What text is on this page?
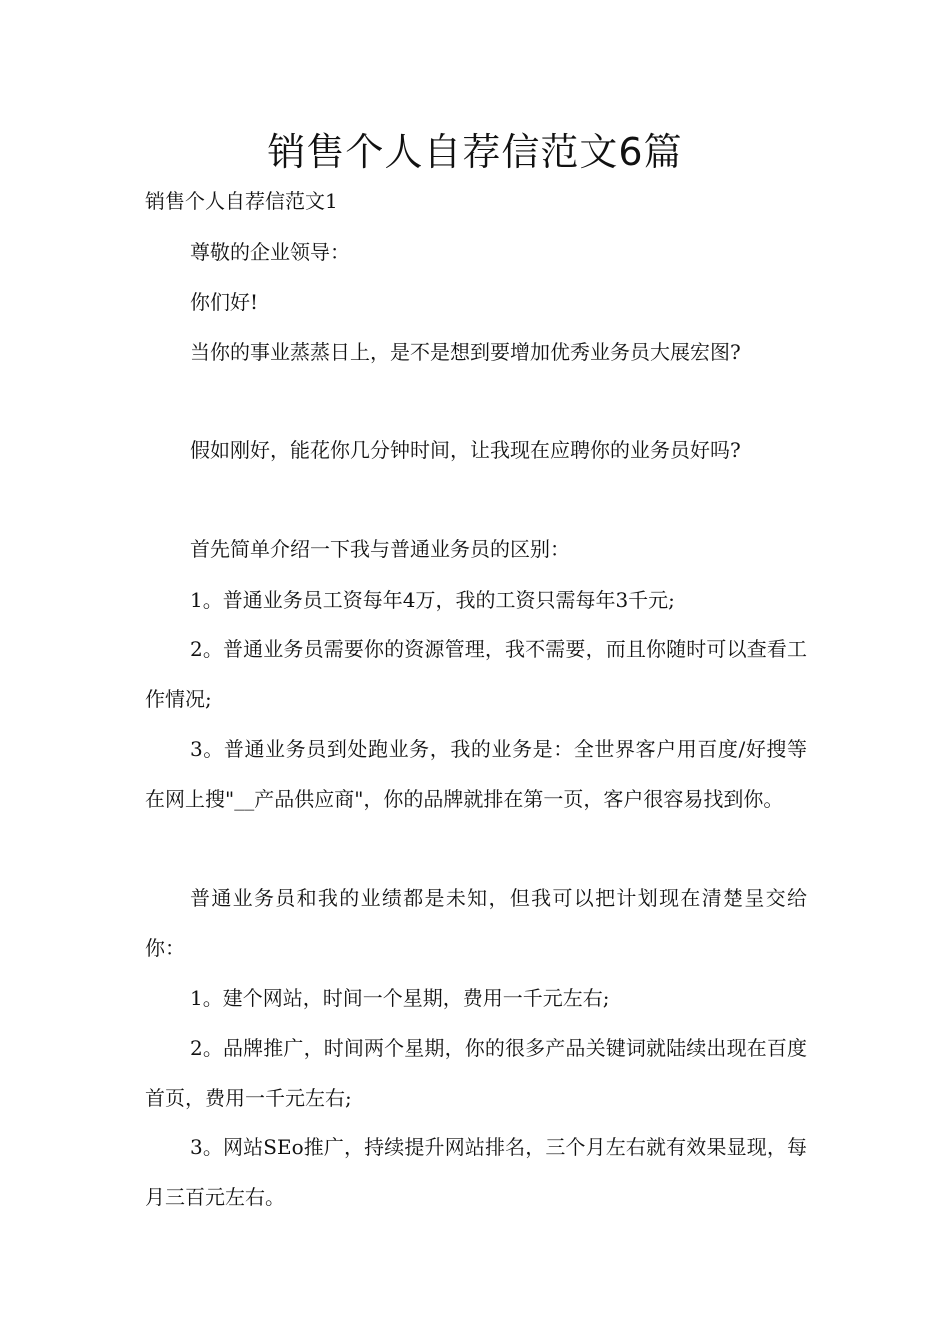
销售个人自荐信范文6篇

销售个人自荐信范文1

尊敬的企业领导：

你们好!

当你的事业蒸蒸日上，是不是想到要增加优秀业务员大展宏图?

假如刚好，能花你几分钟时间，让我现在应聘你的业务员好吗?

首先简单介绍一下我与普通业务员的区别：

1。普通业务员工资每年4万，我的工资只需每年3千元;

2。普通业务员需要你的资源管理，我不需要，而且你随时可以查看工作情况;

3。普通业务员到处跑业务，我的业务是：全世界客户用百度/好搜等在网上搜"__产品供应商"，你的品牌就排在第一页，客户很容易找到你。

普通业务员和我的业绩都是未知，但我可以把计划现在清楚呈交给你：

1。建个网站，时间一个星期，费用一千元左右;

2。品牌推广，时间两个星期，你的很多产品关键词就陆续出现在百度首页，费用一千元左右;

3。网站SEo推广，持续提升网站排名，三个月左右就有效果显现，每月三百元左右。
